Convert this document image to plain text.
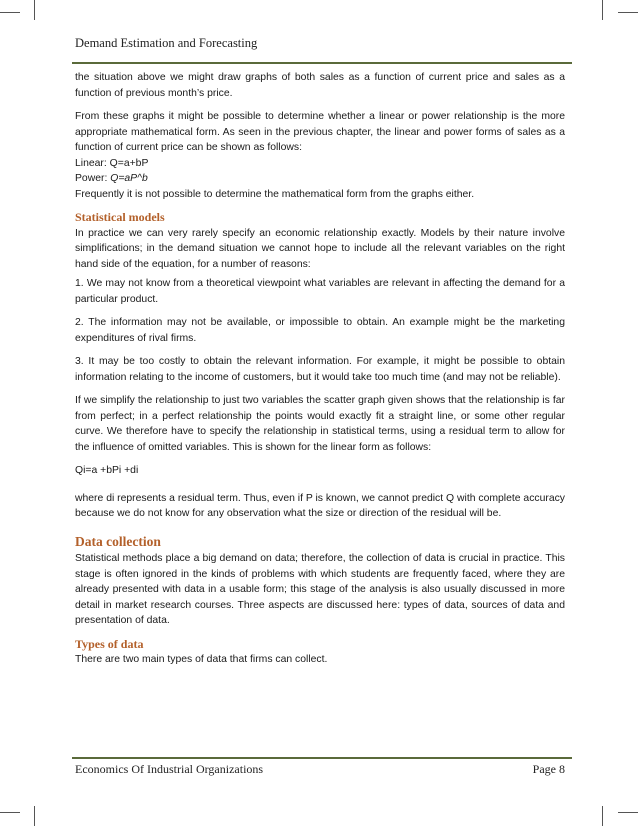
Demand Estimation and Forecasting

the situation above we might draw graphs of both sales as a function of current price and sales as a function of previous month’s price.

From these graphs it might be possible to determine whether a linear or power relationship is the more appropriate mathematical form. As seen in the previous chapter, the linear and power forms of sales as a function of current price can be shown as follows:

Linear: Q=a+bP

Power: Q=aP^b

Frequently it is not possible to determine the mathematical form from the graphs either.

Statistical models

In practice we can very rarely specify an economic relationship exactly. Models by their nature involve simplifications; in the demand situation we cannot hope to include all the relevant variables on the right hand side of the equation, for a number of reasons:

1. We may not know from a theoretical viewpoint what variables are relevant in affecting the demand for a particular product.

2. The information may not be available, or impossible to obtain. An example might be the marketing expenditures of rival firms.

3. It may be too costly to obtain the relevant information. For example, it might be possible to obtain information relating to the income of customers, but it would take too much time (and may not be reliable).

If we simplify the relationship to just two variables the scatter graph given shows that the relationship is far from perfect; in a perfect relationship the points would exactly fit a straight line, or some other regular curve. We therefore have to specify the relationship in statistical terms, using a residual term to allow for the influence of omitted variables. This is shown for the linear form as follows:

Qi=a +bPi +di

where di represents a residual term. Thus, even if P is known, we cannot predict Q with complete accuracy because we do not know for any observation what the size or direction of the residual will be.

Data collection

Statistical methods place a big demand on data; therefore, the collection of data is crucial in practice. This stage is often ignored in the kinds of problems with which students are frequently faced, where they are already presented with data in a usable form; this stage of the analysis is also usually discussed in more detail in market research courses. Three aspects are discussed here: types of data, sources of data and presentation of data.

Types of data

There are two main types of data that firms can collect.

Economics Of Industrial Organizations	Page 8
